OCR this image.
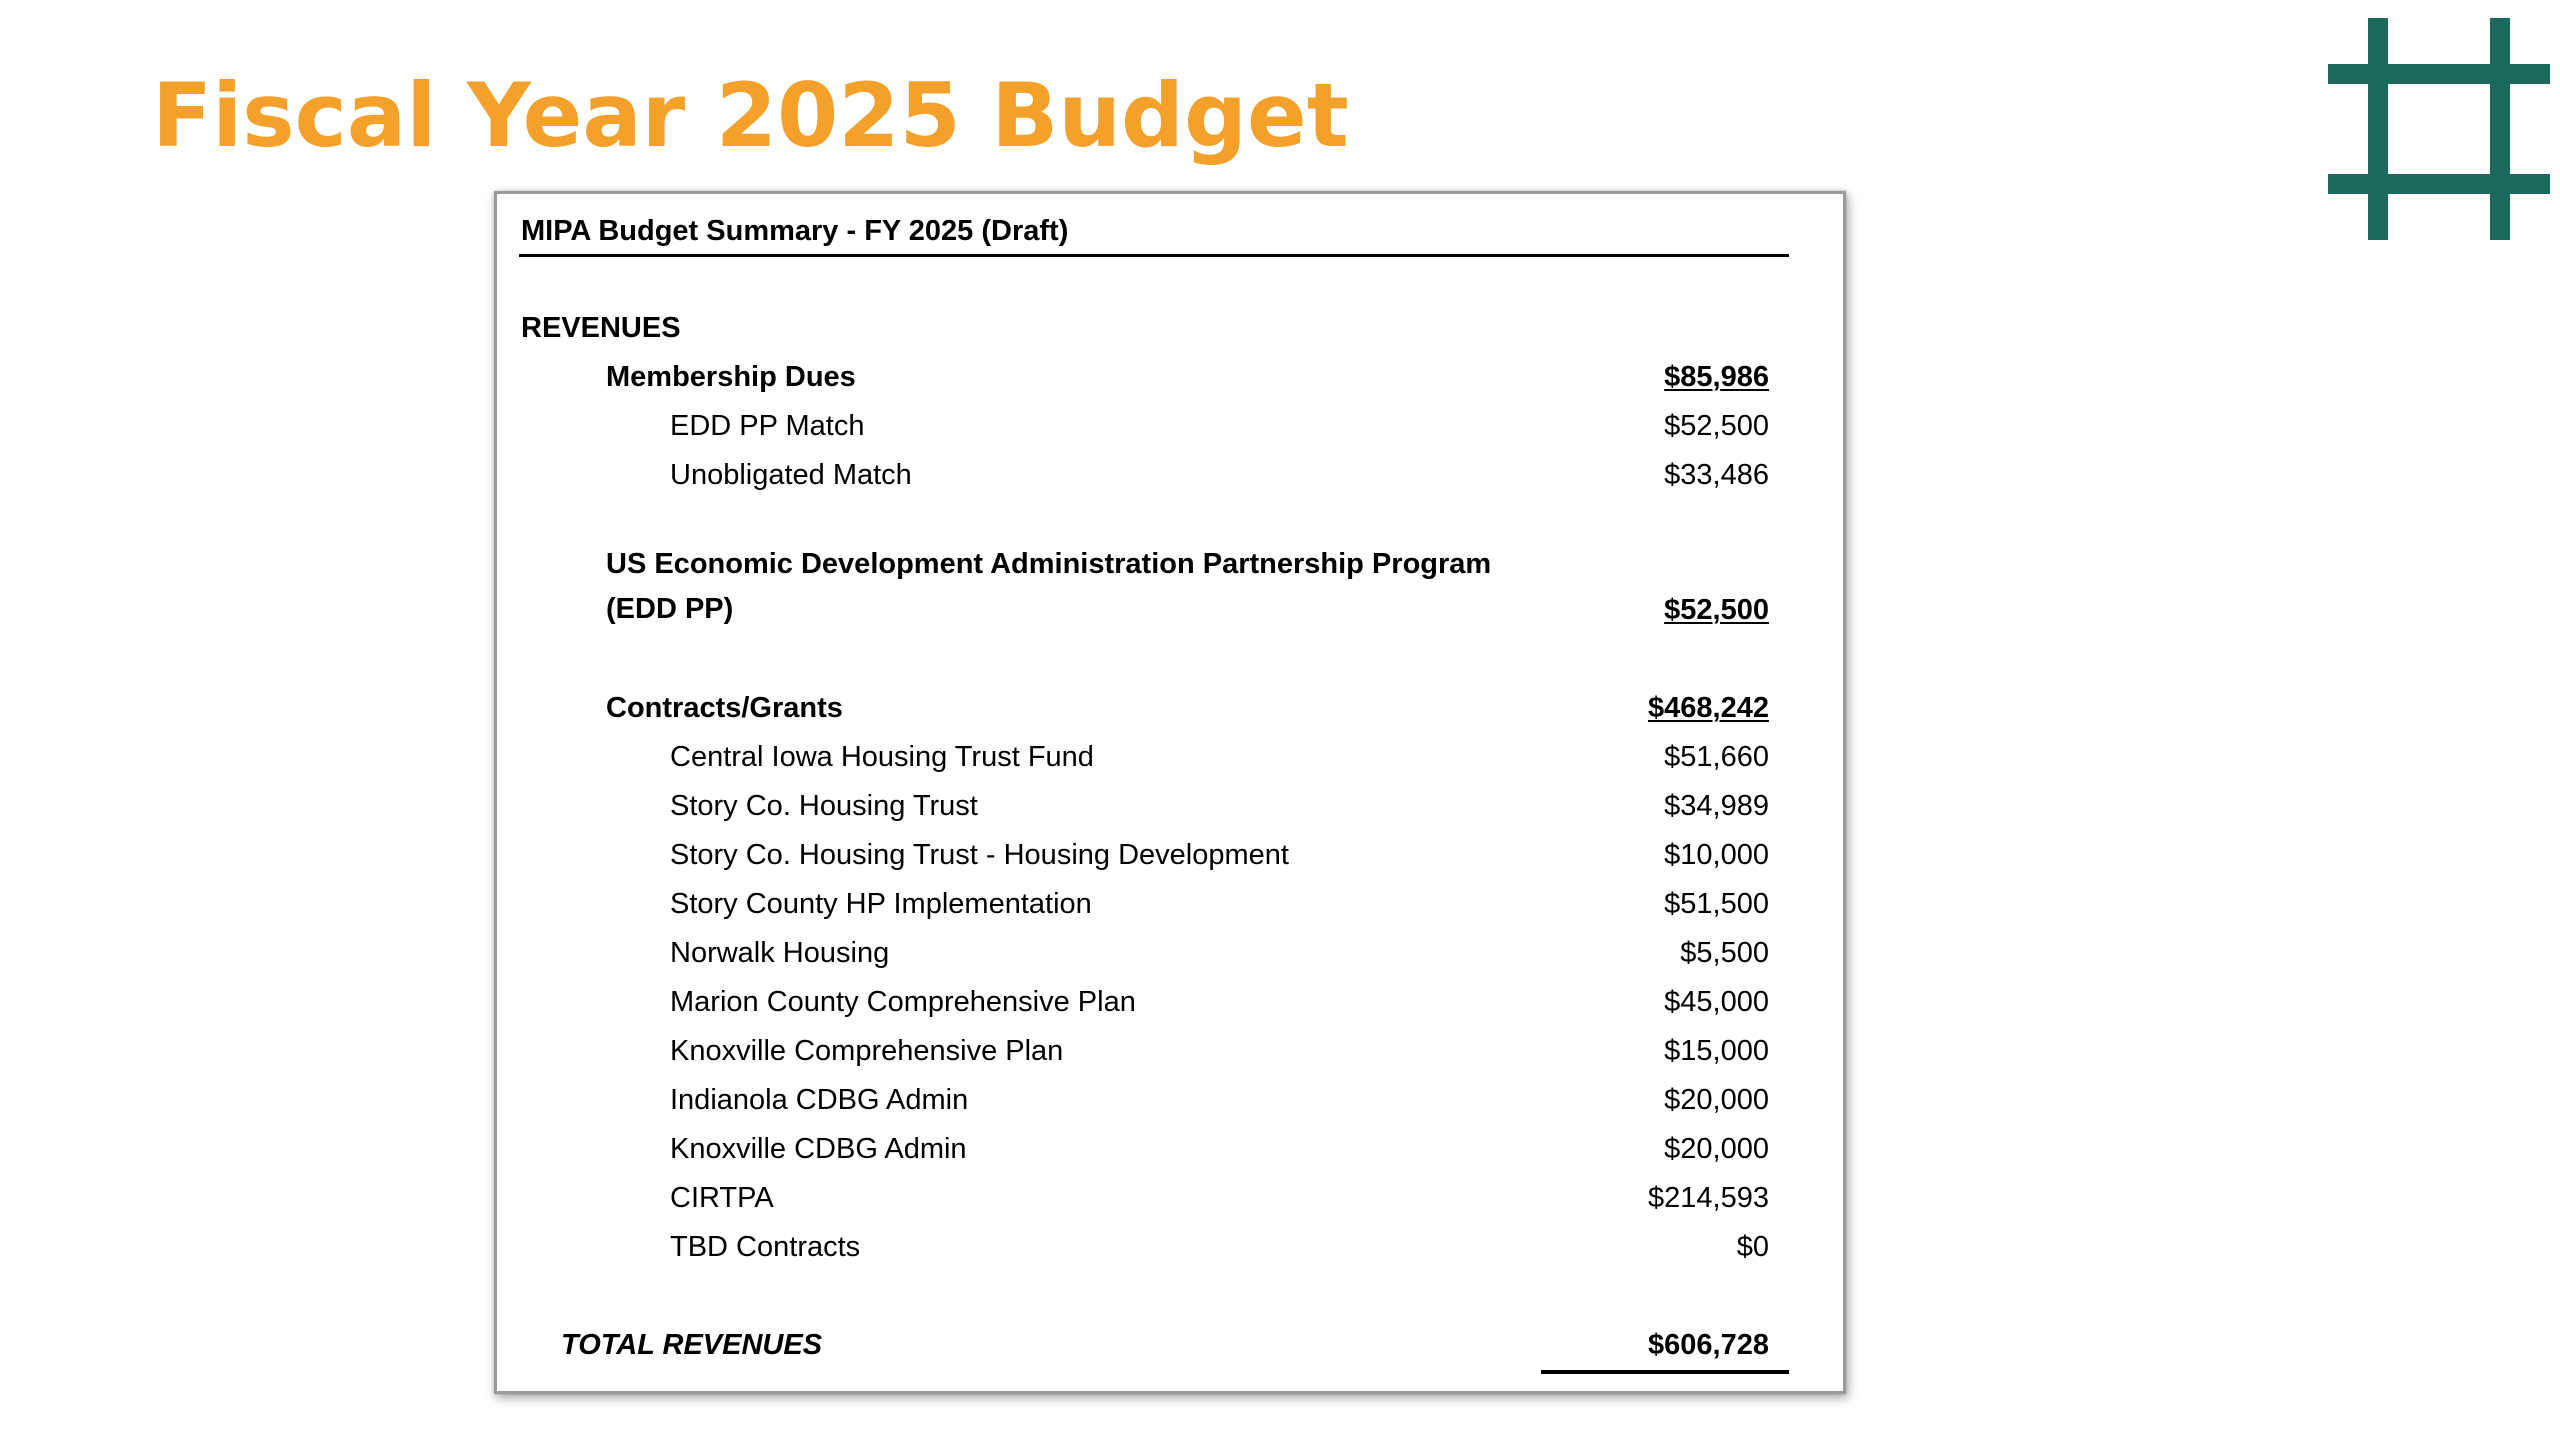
Fiscal Year 2025 Budget
MIPA Budget Summary - FY 2025 (Draft)
REVENUES
Membership Dues	$85,986
EDD PP Match	$52,500
Unobligated Match	$33,486
US Economic Development Administration Partnership Program
(EDD PP)	$52,500
Contracts/Grants	$468,242
Central Iowa Housing Trust Fund	$51,660
Story Co. Housing Trust	$34,989
Story Co. Housing Trust - Housing Development	$10,000
Story County HP Implementation	$51,500
Norwalk Housing	$5,500
Marion County Comprehensive Plan	$45,000
Knoxville Comprehensive Plan	$15,000
Indianola CDBG Admin	$20,000
Knoxville CDBG Admin	$20,000
CIRTPA	$214,593
TBD Contracts	$0
TOTAL REVENUES	$606,728
